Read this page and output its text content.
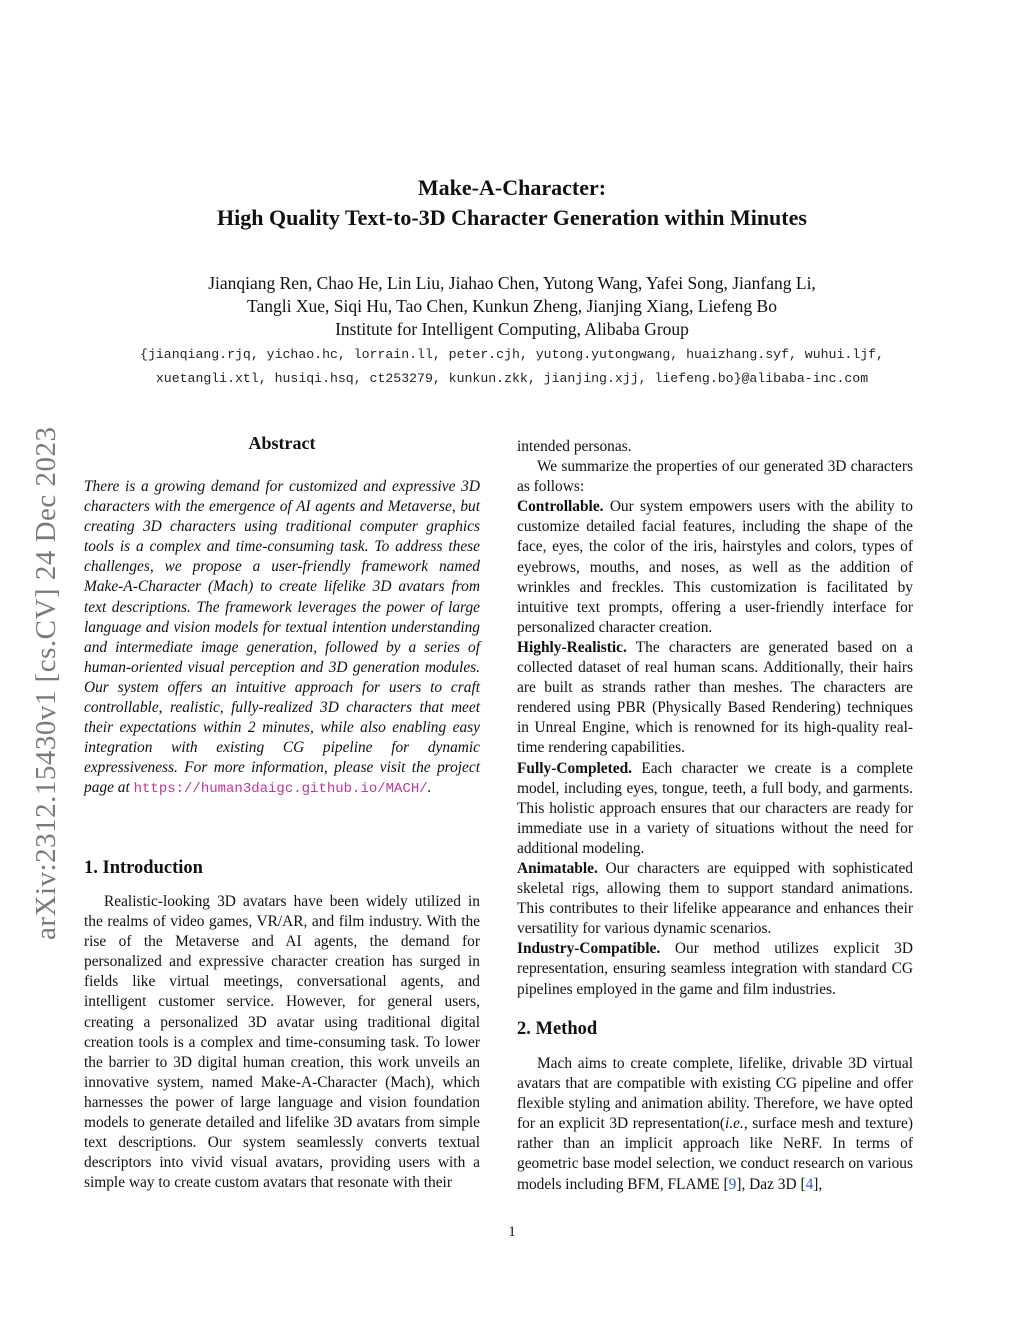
arXiv:2312.15430v1 [cs.CV] 24 Dec 2023
Make-A-Character:
High Quality Text-to-3D Character Generation within Minutes
Jianqiang Ren, Chao He, Lin Liu, Jiahao Chen, Yutong Wang, Yafei Song, Jianfang Li,
Tangli Xue, Siqi Hu, Tao Chen, Kunkun Zheng, Jianjing Xiang, Liefeng Bo
Institute for Intelligent Computing, Alibaba Group
{jianqiang.rjq, yichao.hc, lorrain.ll, peter.cjh, yutong.yutongwang, huaizhang.syf, wuhui.ljf,
xuetangli.xtl, husiqi.hsq, ct253279, kunkun.zkk, jianjing.xjj, liefeng.bo}@alibaba-inc.com
Abstract

There is a growing demand for customized and expressive 3D characters with the emergence of AI agents and Metaverse, but creating 3D characters using traditional computer graphics tools is a complex and time-consuming task. To address these challenges, we propose a user-friendly framework named Make-A-Character (Mach) to create lifelike 3D avatars from text descriptions. The framework leverages the power of large language and vision models for textual intention understanding and intermediate image generation, followed by a series of human-oriented visual perception and 3D generation modules. Our system offers an intuitive approach for users to craft controllable, realistic, fully-realized 3D characters that meet their expectations within 2 minutes, while also enabling easy integration with existing CG pipeline for dynamic expressiveness. For more information, please visit the project page at https://human3daigc.github.io/MACH/.

1. Introduction

Realistic-looking 3D avatars have been widely utilized in the realms of video games, VR/AR, and film industry. With the rise of the Metaverse and AI agents, the demand for personalized and expressive character creation has surged in fields like virtual meetings, conversational agents, and intelligent customer service. However, for general users, creating a personalized 3D avatar using traditional digital creation tools is a complex and time-consuming task. To lower the barrier to 3D digital human creation, this work unveils an innovative system, named Make-A-Character (Mach), which harnesses the power of large language and vision foundation models to generate detailed and lifelike 3D avatars from simple text descriptions. Our system seamlessly converts textual descriptors into vivid visual avatars, providing users with a simple way to create custom avatars that resonate with their

intended personas.

We summarize the properties of our generated 3D characters as follows:

Controllable. Our system empowers users with the ability to customize detailed facial features, including the shape of the face, eyes, the color of the iris, hairstyles and colors, types of eyebrows, mouths, and noses, as well as the addition of wrinkles and freckles. This customization is facilitated by intuitive text prompts, offering a user-friendly interface for personalized character creation.

Highly-Realistic. The characters are generated based on a collected dataset of real human scans. Additionally, their hairs are built as strands rather than meshes. The characters are rendered using PBR (Physically Based Rendering) techniques in Unreal Engine, which is renowned for its high-quality real-time rendering capabilities.

Fully-Completed. Each character we create is a complete model, including eyes, tongue, teeth, a full body, and garments. This holistic approach ensures that our characters are ready for immediate use in a variety of situations without the need for additional modeling.

Animatable. Our characters are equipped with sophisticated skeletal rigs, allowing them to support standard animations. This contributes to their lifelike appearance and enhances their versatility for various dynamic scenarios.

Industry-Compatible. Our method utilizes explicit 3D representation, ensuring seamless integration with standard CG pipelines employed in the game and film industries.

2. Method

Mach aims to create complete, lifelike, drivable 3D virtual avatars that are compatible with existing CG pipeline and offer flexible styling and animation ability. Therefore, we have opted for an explicit 3D representation(i.e., surface mesh and texture) rather than an implicit approach like NeRF. In terms of geometric base model selection, we conduct research on various models including BFM, FLAME [9], Daz 3D [4],

1
